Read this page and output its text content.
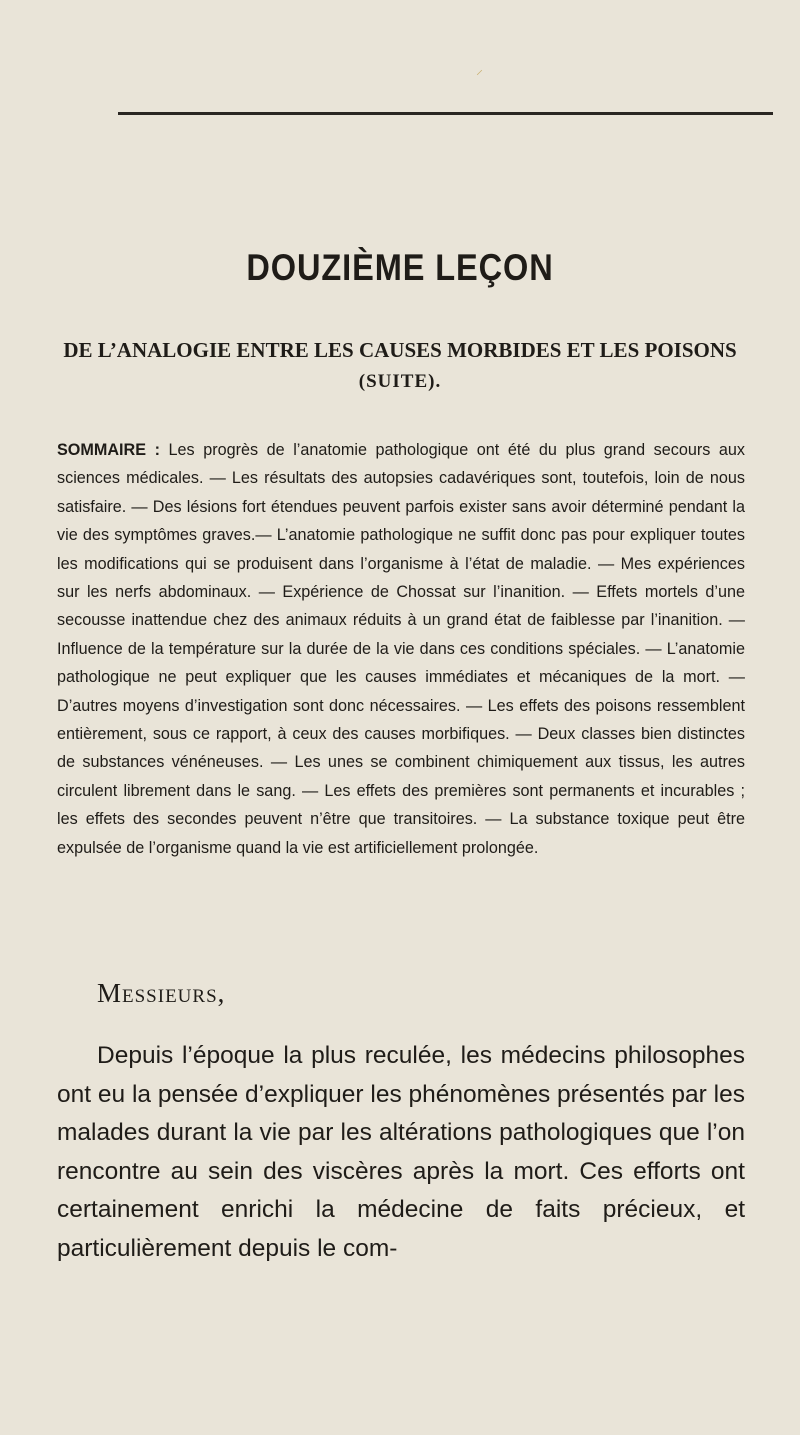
⸝
DOUZIÈME LEÇON
DE L’ANALOGIE ENTRE LES CAUSES MORBIDES ET LES POISONS
(SUITE).
SOMMAIRE : Les progrès de l’anatomie pathologique ont été du plus grand secours aux sciences médicales. — Les résultats des autopsies cadavériques sont, toutefois, loin de nous satisfaire. — Des lésions fort étendues peuvent parfois exister sans avoir déterminé pendant la vie des symptômes graves.— L’anatomie pathologique ne suffit donc pas pour expliquer toutes les modifications qui se produisent dans l’organisme à l’état de maladie. — Mes expériences sur les nerfs abdominaux. — Expérience de Chossat sur l’inanition. — Effets mortels d’une secousse inattendue chez des animaux réduits à un grand état de faiblesse par l’inanition. — Influence de la température sur la durée de la vie dans ces conditions spéciales. — L’anatomie pathologique ne peut expliquer que les causes immédiates et mécaniques de la mort. — D’autres moyens d’investigation sont donc nécessaires. — Les effets des poisons ressemblent entièrement, sous ce rapport, à ceux des causes morbifiques. — Deux classes bien distinctes de substances vénéneuses. — Les unes se combinent chimiquement aux tissus, les autres circulent librement dans le sang. — Les effets des premières sont permanents et incurables ; les effets des secondes peuvent n’être que transitoires. — La substance toxique peut être expulsée de l’organisme quand la vie est artificiellement prolongée.
Messieurs,
Depuis l’époque la plus reculée, les médecins philosophes ont eu la pensée d’expliquer les phénomènes présentés par les malades durant la vie par les altérations pathologiques que l’on rencontre au sein des viscères après la mort. Ces efforts ont certainement enrichi la médecine de faits précieux, et particulièrement depuis le com-
